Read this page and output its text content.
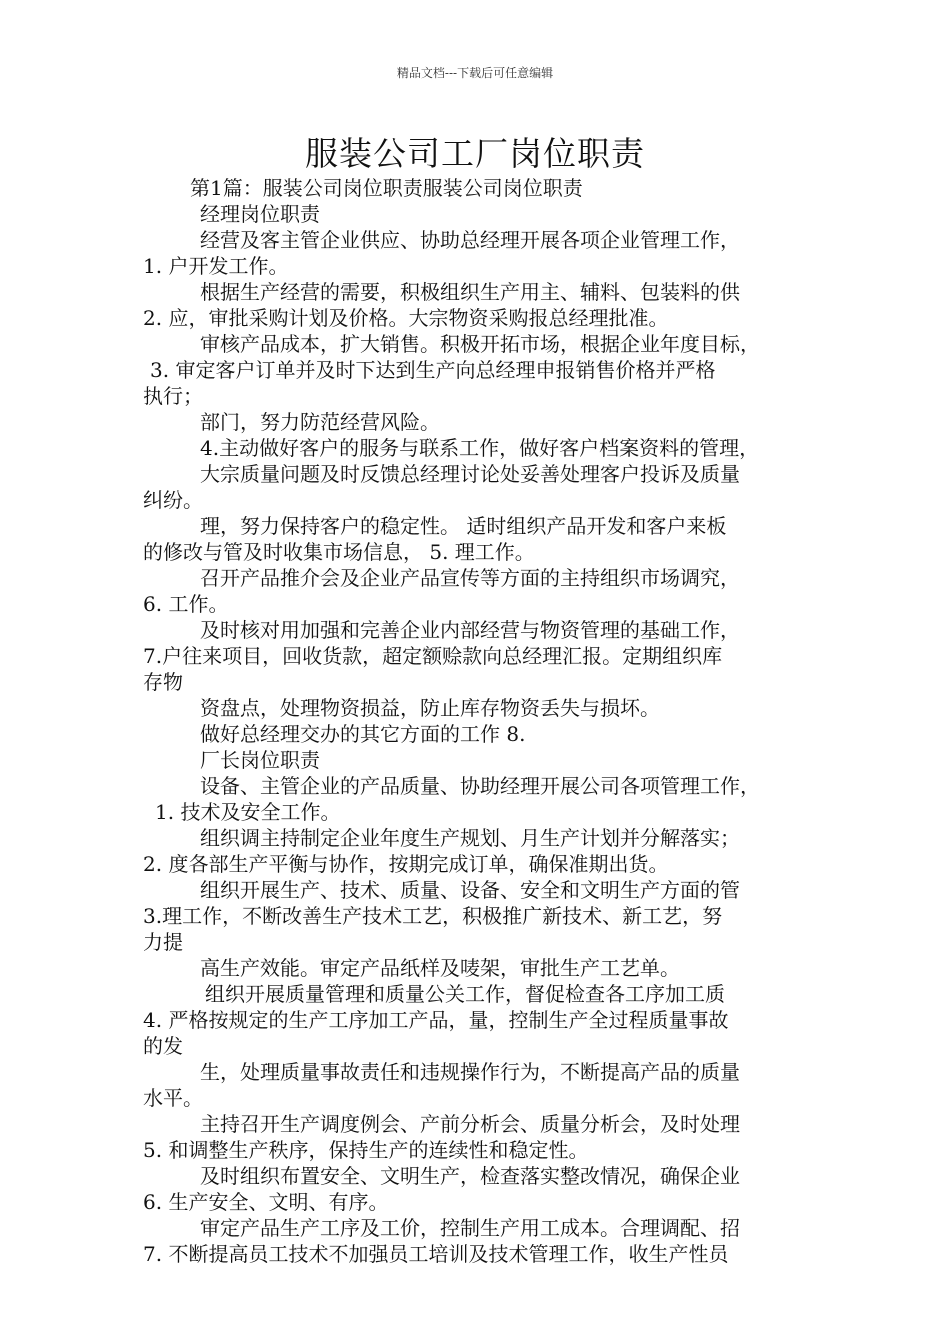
精品文档---下载后可任意编辑
服装公司工厂岗位职责
第1篇：服装公司岗位职责服装公司岗位职责
经理岗位职责
经营及客主管企业供应、协助总经理开展各项企业管理工作，
1. 户开发工作。
根据生产经营的需要，积极组织生产用主、辅料、包装料的供
2. 应，审批采购计划及价格。大宗物资采购报总经理批准。
审核产品成本，扩大销售。积极开拓市场，根据企业年度目标，
3. 审定客户订单并及时下达到生产向总经理申报销售价格并严格
执行；
部门，努力防范经营风险。
4.主动做好客户的服务与联系工作，做好客户档案资料的管理，
大宗质量问题及时反馈总经理讨论处妥善处理客户投诉及质量
纠纷。
理，努力保持客户的稳定性。 适时组织产品开发和客户来板
的修改与管及时收集市场信息， 5. 理工作。
召开产品推介会及企业产品宣传等方面的主持组织市场调究，
6. 工作。
及时核对用加强和完善企业内部经营与物资管理的基础工作，
7.户往来项目，回收货款，超定额赊款向总经理汇报。定期组织库
存物
资盘点，处理物资损益，防止库存物资丢失与损坏。
做好总经理交办的其它方面的工作 8.
厂长岗位职责
设备、主管企业的产品质量、协助经理开展公司各项管理工作，
1. 技术及安全工作。
组织调主持制定企业年度生产规划、月生产计划并分解落实；
2. 度各部生产平衡与协作，按期完成订单，确保准期出货。
组织开展生产、技术、质量、设备、安全和文明生产方面的管
3.理工作，不断改善生产技术工艺，积极推广新技术、新工艺，努
力提
高生产效能。审定产品纸样及唛架，审批生产工艺单。
组织开展质量管理和质量公关工作，督促检查各工序加工质
4. 严格按规定的生产工序加工产品，量，控制生产全过程质量事故
的发
生，处理质量事故责任和违规操作行为，不断提高产品的质量
水平。
主持召开生产调度例会、产前分析会、质量分析会，及时处理
5. 和调整生产秩序，保持生产的连续性和稳定性。
及时组织布置安全、文明生产，检查落实整改情况，确保企业
6. 生产安全、文明、有序。
审定产品生产工序及工价，控制生产用工成本。合理调配、招
7. 不断提高员工技术不加强员工培训及技术管理工作，收生产性员
